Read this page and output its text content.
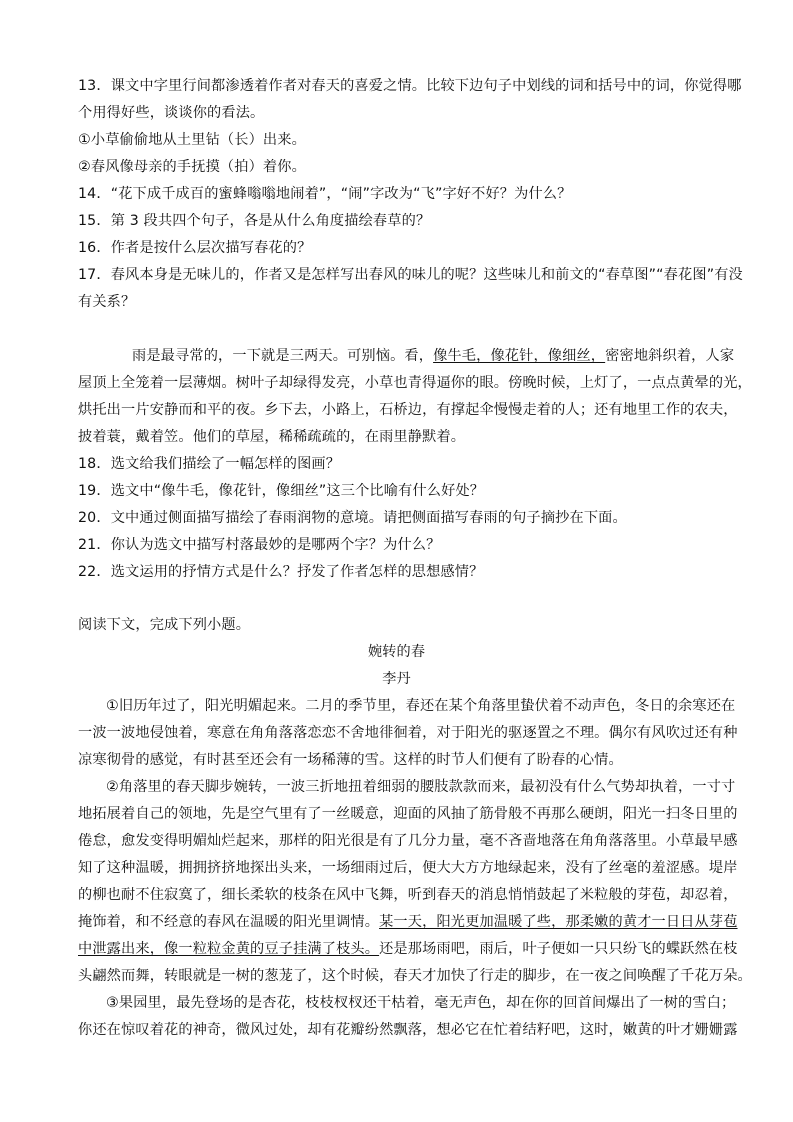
13．课文中字里行间都渗透着作者对春天的喜爱之情。比较下边句子中划线的词和括号中的词，你觉得哪
个用得好些，谈谈你的看法。
①小草偷偷地从土里钻（长）出来。
②春风像母亲的手抚摸（拍）着你。
14．“花下成千成百的蜜蜂嗡嗡地闹着”，“闹”字改为“飞”字好不好？为什么？
15．第 3 段共四个句子，各是从什么角度描绘春草的？
16．作者是按什么层次描写春花的？
17．春风本身是无味儿的，作者又是怎样写出春风的味儿的呢？这些味儿和前文的“春草图”“春花图”有没
有关系？
雨是最寻常的，一下就是三两天。可别恼。看，像牛毛，像花针，像细丝，密密地斜织着，人家
屋顶上全笼着一层薄烟。树叶子却绿得发亮，小草也青得逼你的眼。傍晚时候，上灯了，一点点黄晕的光，
烘托出一片安静而和平的夜。乡下去，小路上，石桥边，有撑起伞慢慢走着的人；还有地里工作的农夫，
披着蓑，戴着笠。他们的草屋，稀稀疏疏的，在雨里静默着。
18．选文给我们描绘了一幅怎样的图画？
19．选文中“像牛毛，像花针，像细丝”这三个比喻有什么好处？
20．文中通过侧面描写描绘了春雨润物的意境。请把侧面描写春雨的句子摘抄在下面。
21．你认为选文中描写村落最妙的是哪两个字？为什么？
22．选文运用的抒情方式是什么？抒发了作者怎样的思想感情？
阅读下文，完成下列小题。
婉转的春
李丹
①旧历年过了，阳光明媚起来。二月的季节里，春还在某个角落里蛰伏着不动声色，冬日的余寒还在
一波一波地侵蚀着，寒意在角角落落恋恋不舍地徘徊着，对于阳光的驱逐置之不理。偶尔有风吹过还有种
凉寒彻骨的感觉，有时甚至还会有一场稀薄的雪。这样的时节人们便有了盼春的心情。
②角落里的春天脚步婉转，一波三折地扭着细弱的腰肢款款而来，最初没有什么气势却执着，一寸寸
地拓展着自己的领地，先是空气里有了一丝暖意，迎面的风抽了筋骨般不再那么硬朗，阳光一扫冬日里的
倦怠，愈发变得明媚灿烂起来，那样的阳光很是有了几分力量，毫不吝啬地落在角角落落里。小草最早感
知了这种温暖，拥拥挤挤地探出头来，一场细雨过后，便大大方方地绿起来，没有了丝毫的羞涩感。堤岸
的柳也耐不住寂寞了，细长柔软的枝条在风中飞舞，听到春天的消息悄悄鼓起了米粒般的芽苞，却忍着，
掩饰着，和不经意的春风在温暖的阳光里调情。某一天，阳光更加温暖了些，那柔嫩的黄才一日日从芽苞
中泄露出来，像一粒粒金黄的豆子挂满了枝头。还是那场雨吧，雨后，叶子便如一只只纷飞的蝶跃然在枝
头翩然而舞，转眼就是一树的葱茏了，这个时候，春天才加快了行走的脚步，在一夜之间唤醒了千花万朵。
③果园里，最先登场的是杏花，枝枝杈杈还干枯着，毫无声色，却在你的回首间爆出了一树的雪白；
你还在惊叹着花的神奇，微风过处，却有花瓣纷然飘落，想必它在忙着结籽吧，这时，嫩黄的叶才姗姗露
